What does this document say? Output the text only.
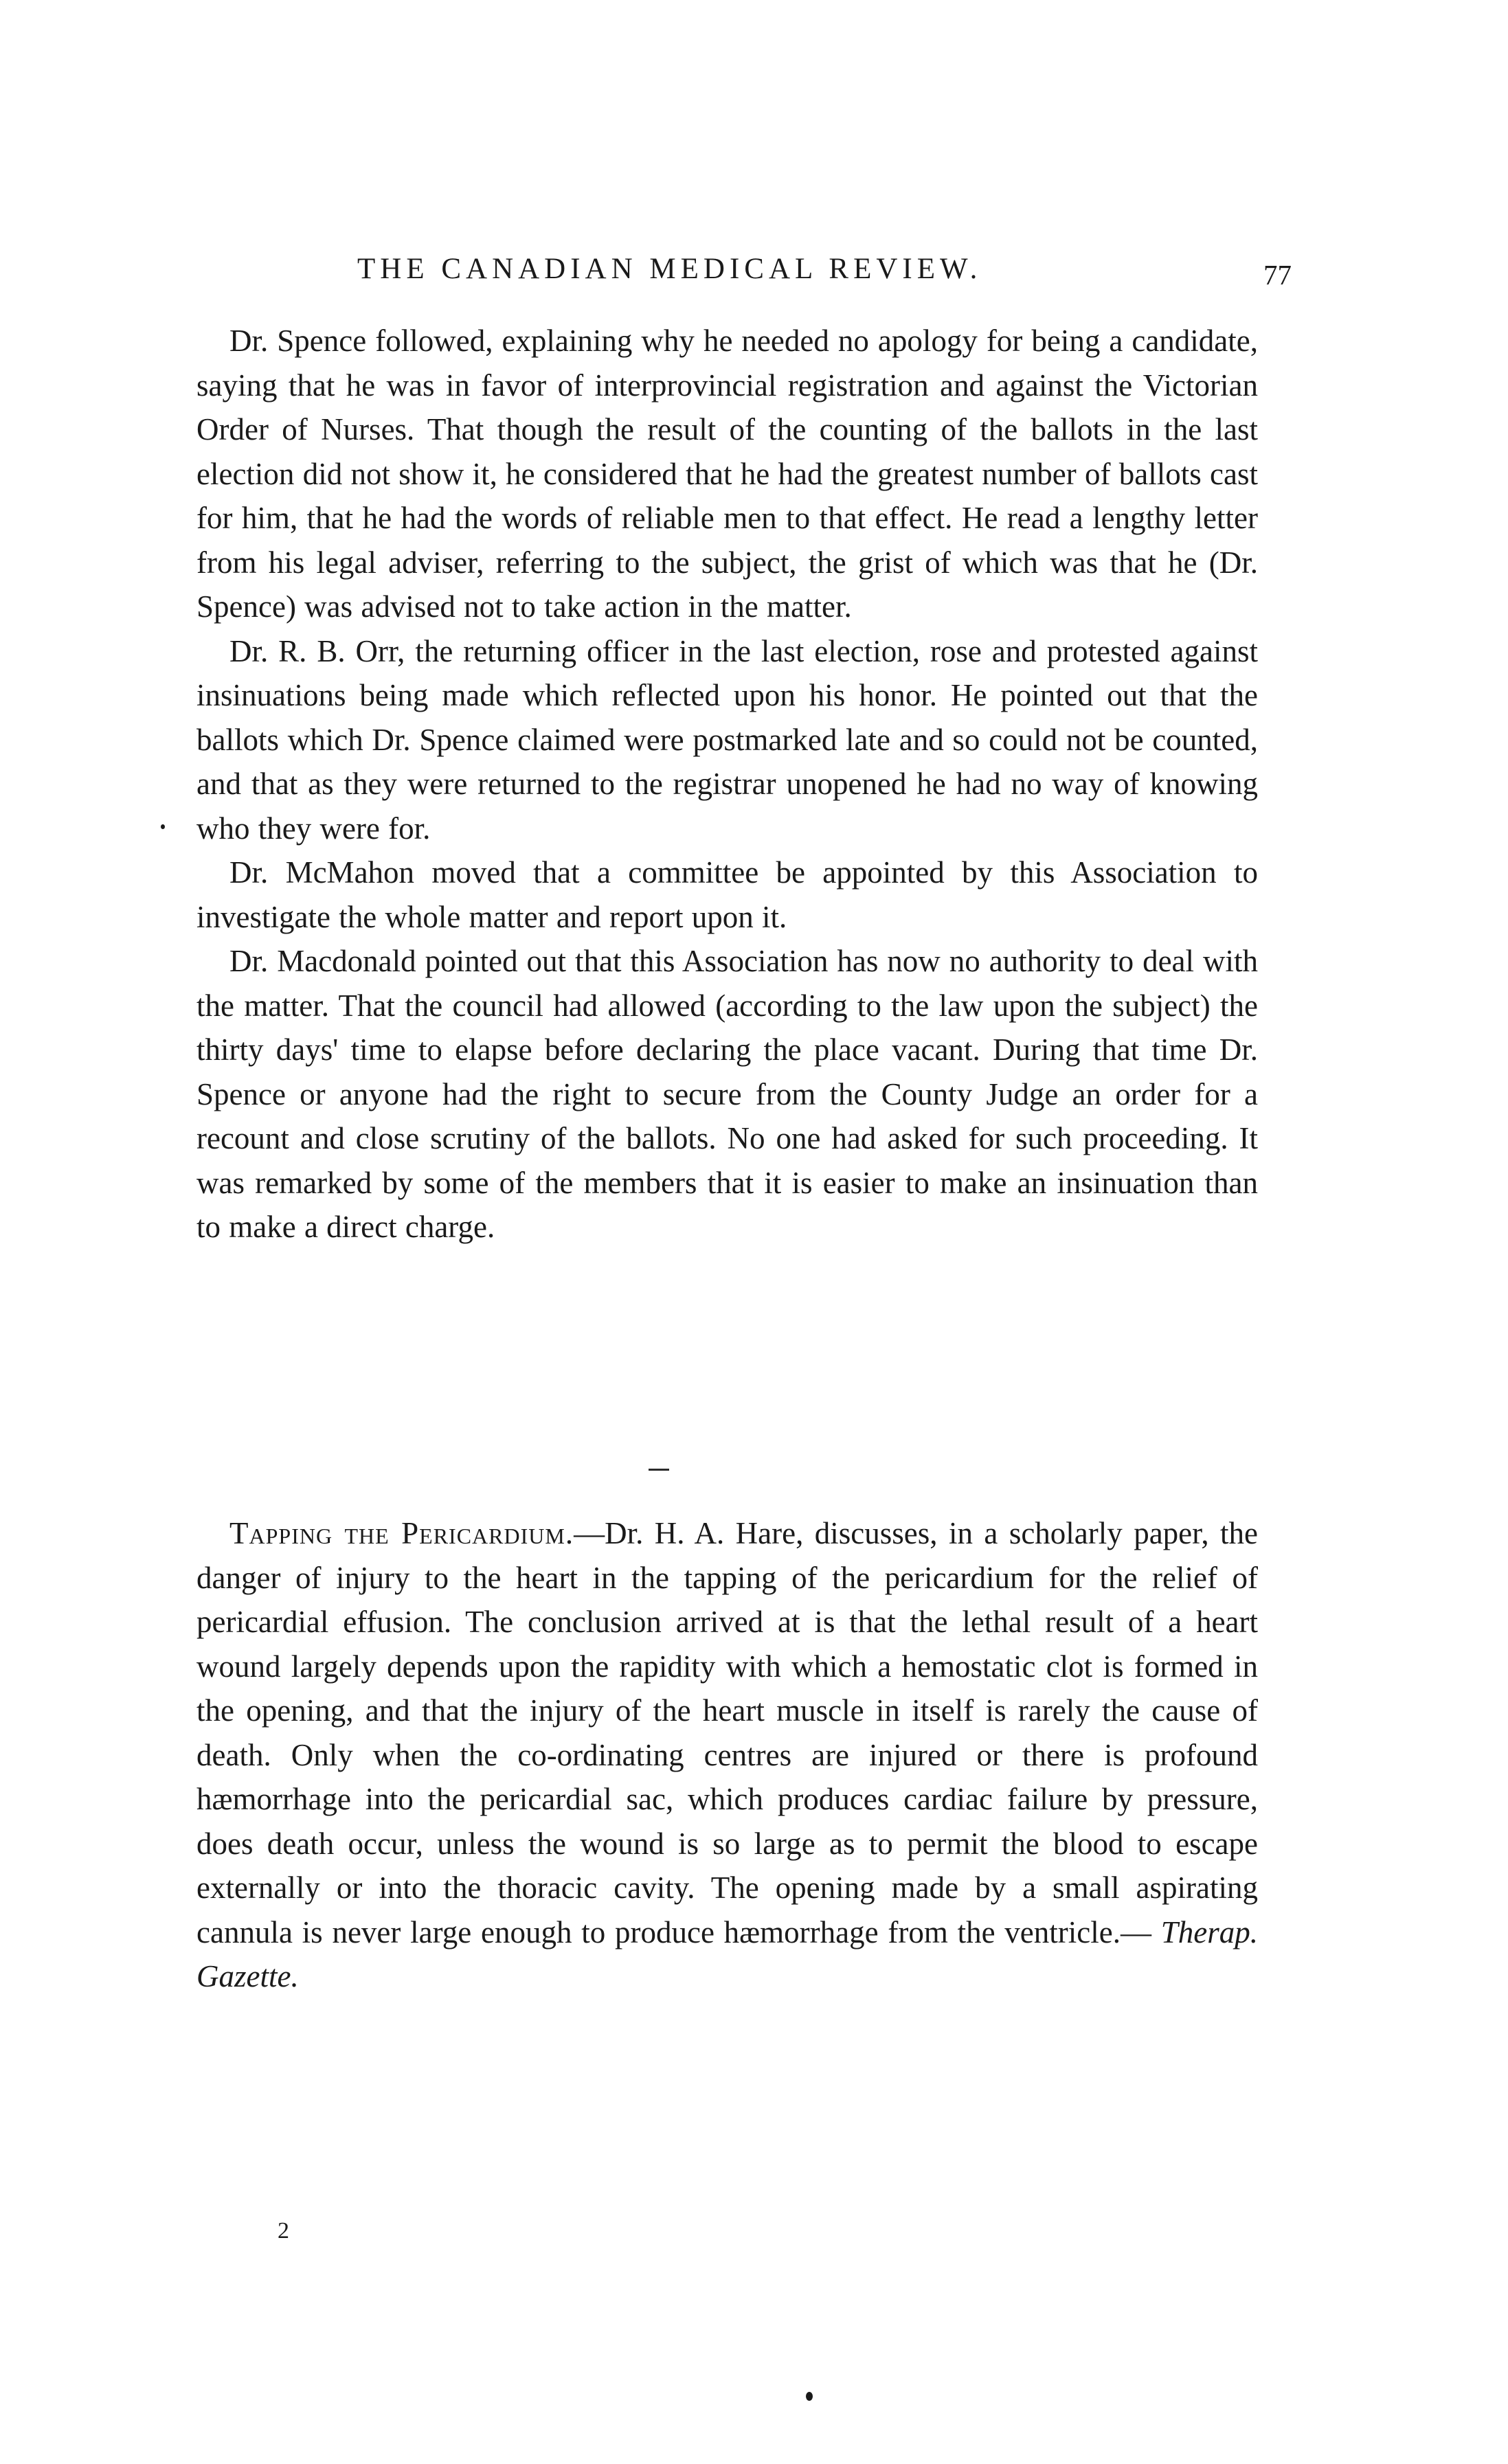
THE CANADIAN MEDICAL REVIEW.	77

Dr. Spence followed, explaining why he needed no apology for being a candidate, saying that he was in favor of interprovincial registration and against the Victorian Order of Nurses. That though the result of the counting of the ballots in the last election did not show it, he considered that he had the greatest number of ballots cast for him, that he had the words of reliable men to that effect. He read a lengthy letter from his legal adviser, referring to the subject, the grist of which was that he (Dr. Spence) was advised not to take action in the matter.

Dr. R. B. Orr, the returning officer in the last election, rose and protested against insinuations being made which reflected upon his honor. He pointed out that the ballots which Dr. Spence claimed were postmarked late and so could not be counted, and that as they were returned to the registrar unopened he had no way of knowing who they were for.

Dr. McMahon moved that a committee be appointed by this Association to investigate the whole matter and report upon it.

Dr. Macdonald pointed out that this Association has now no authority to deal with the matter. That the council had allowed (according to the law upon the subject) the thirty days' time to elapse before declaring the place vacant. During that time Dr. Spence or anyone had the right to secure from the County Judge an order for a recount and close scrutiny of the ballots. No one had asked for such proceeding. It was remarked by some of the members that it is easier to make an insinuation than to make a direct charge.

Tapping the Pericardium.—Dr. H. A. Hare, discusses, in a scholarly paper, the danger of injury to the heart in the tapping of the pericardium for the relief of pericardial effusion. The conclusion arrived at is that the lethal result of a heart wound largely depends upon the rapidity with which a hemostatic clot is formed in the opening, and that the injury of the heart muscle in itself is rarely the cause of death. Only when the co-ordinating centres are injured or there is profound hæmorrhage into the pericardial sac, which produces cardiac failure by pressure, does death occur, unless the wound is so large as to permit the blood to escape externally or into the thoracic cavity. The opening made by a small aspirating cannula is never large enough to produce hæmorrhage from the ventricle.— Therap. Gazette.

2
